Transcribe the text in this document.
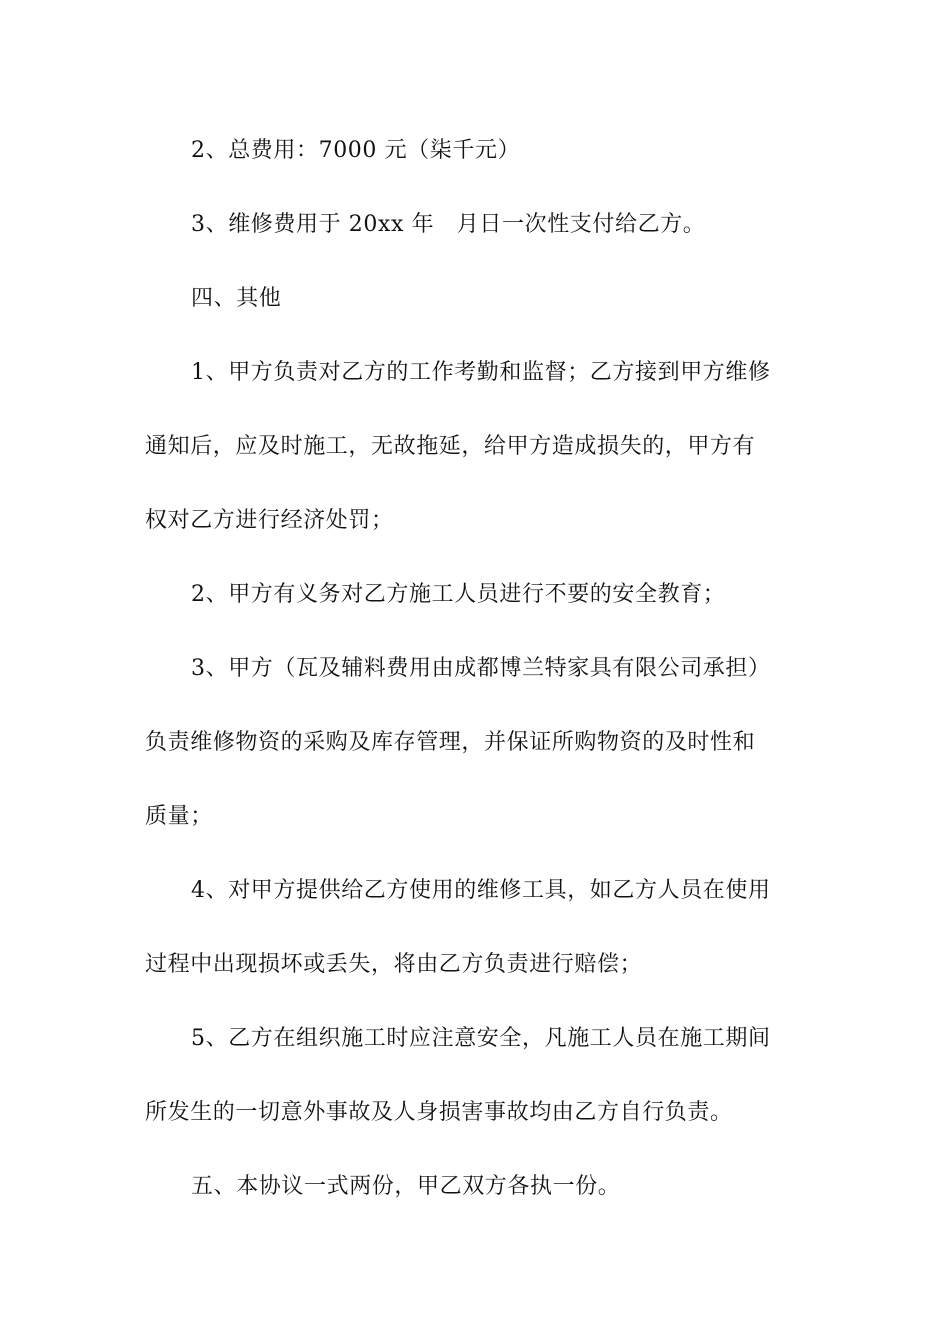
2、总费用：7000 元（柒千元）
3、维修费用于 20xx 年　月日一次性支付给乙方。
四、其他
1、甲方负责对乙方的工作考勤和监督；乙方接到甲方维修
通知后，应及时施工，无故拖延，给甲方造成损失的，甲方有
权对乙方进行经济处罚；
2、甲方有义务对乙方施工人员进行不要的安全教育；
3、甲方（瓦及辅料费用由成都博兰特家具有限公司承担）
负责维修物资的采购及库存管理，并保证所购物资的及时性和
质量；
4、对甲方提供给乙方使用的维修工具，如乙方人员在使用
过程中出现损坏或丢失，将由乙方负责进行赔偿；
5、乙方在组织施工时应注意安全，凡施工人员在施工期间
所发生的一切意外事故及人身损害事故均由乙方自行负责。
五、本协议一式两份，甲乙双方各执一份。
